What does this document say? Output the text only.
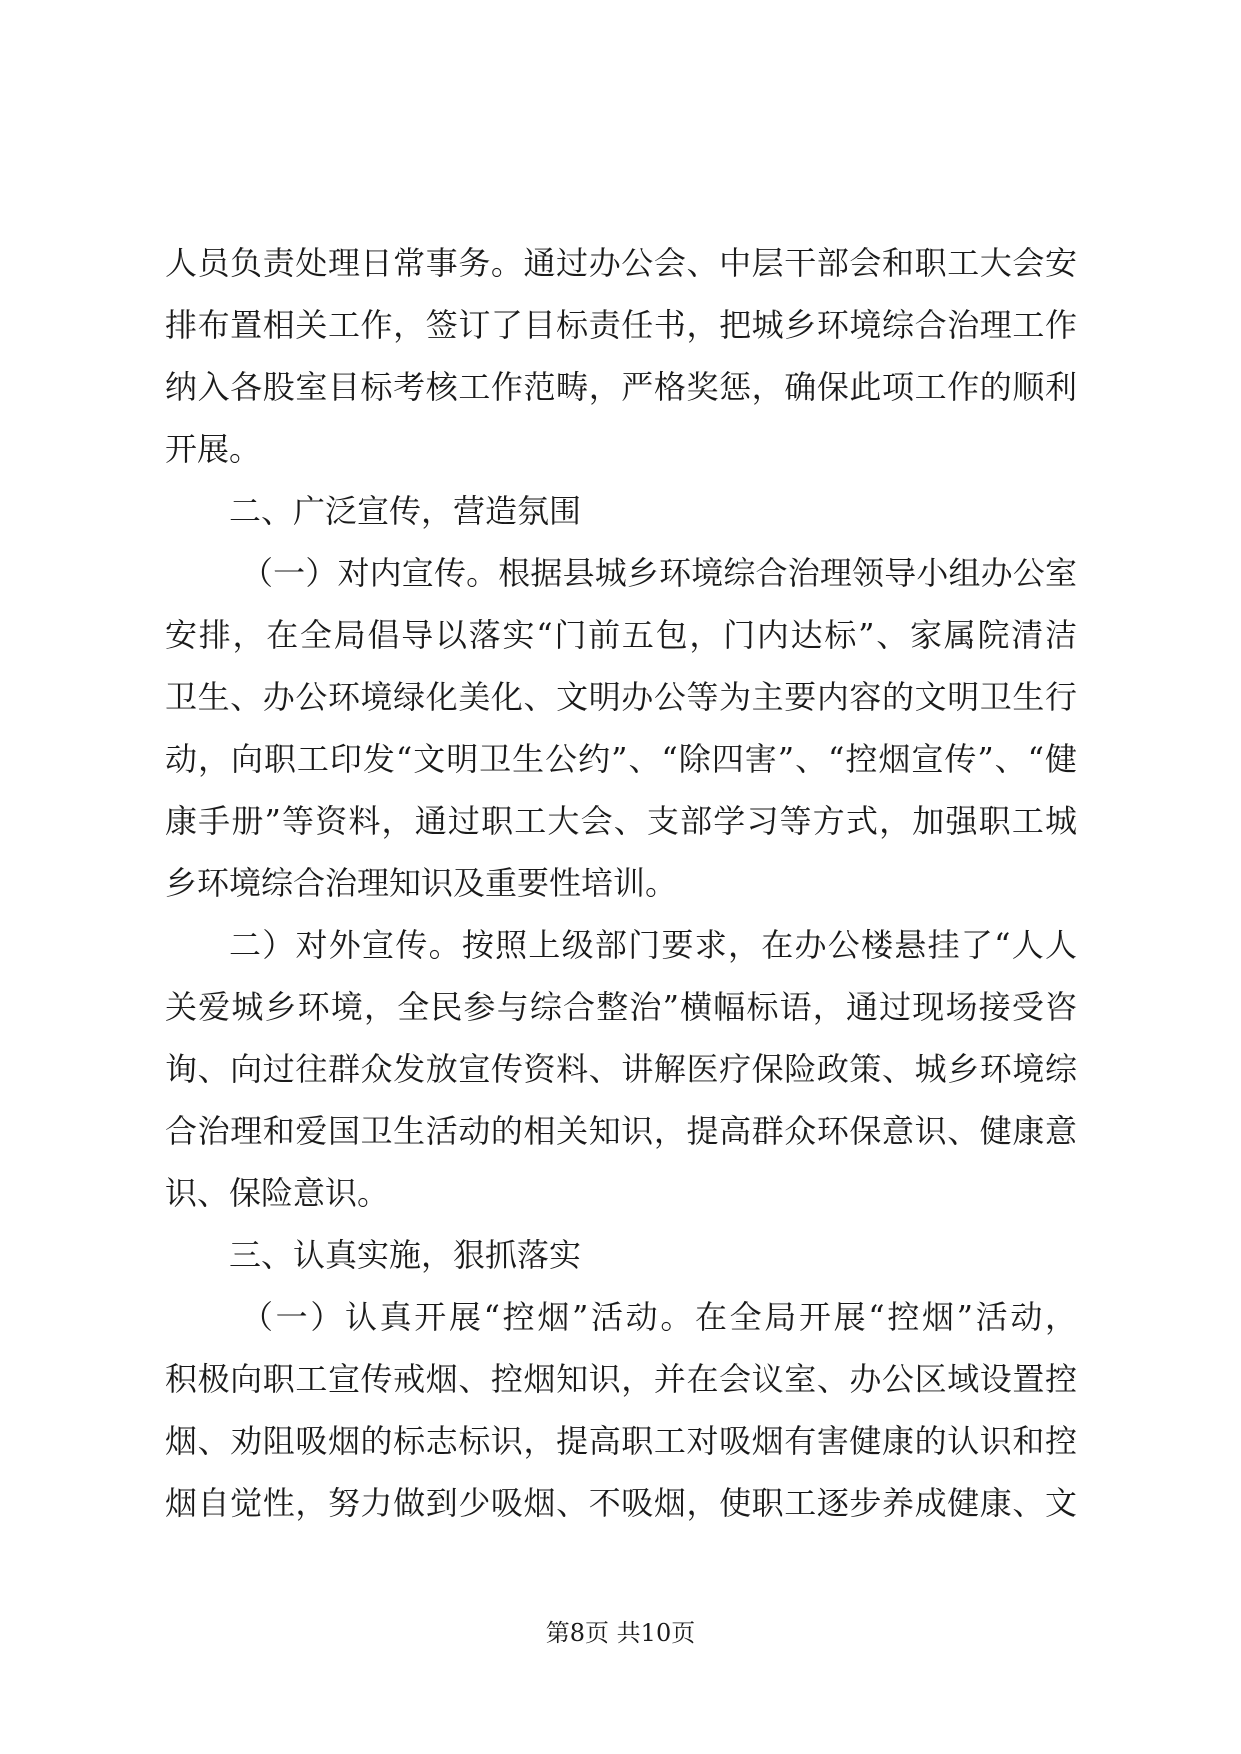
人员负责处理日常事务。通过办公会、中层干部会和职工大会安
排布置相关工作，签订了目标责任书，把城乡环境综合治理工作
纳入各股室目标考核工作范畴，严格奖惩，确保此项工作的顺利
开展。
二、广泛宣传，营造氛围
（一）对内宣传。根据县城乡环境综合治理领导小组办公室
安排，在全局倡导以落实“门前五包，门内达标”、家属院清洁
卫生、办公环境绿化美化、文明办公等为主要内容的文明卫生行
动，向职工印发“文明卫生公约”、“除四害”、“控烟宣传”、“健
康手册”等资料，通过职工大会、支部学习等方式，加强职工城
乡环境综合治理知识及重要性培训。
二）对外宣传。按照上级部门要求，在办公楼悬挂了“人人
关爱城乡环境，全民参与综合整治”横幅标语，通过现场接受咨
询、向过往群众发放宣传资料、讲解医疗保险政策、城乡环境综
合治理和爱国卫生活动的相关知识，提高群众环保意识、健康意
识、保险意识。
三、认真实施，狠抓落实
（一）认真开展“控烟”活动。在全局开展“控烟”活动，
积极向职工宣传戒烟、控烟知识，并在会议室、办公区域设置控
烟、劝阻吸烟的标志标识，提高职工对吸烟有害健康的认识和控
烟自觉性，努力做到少吸烟、不吸烟，使职工逐步养成健康、文
第8页 共10页
